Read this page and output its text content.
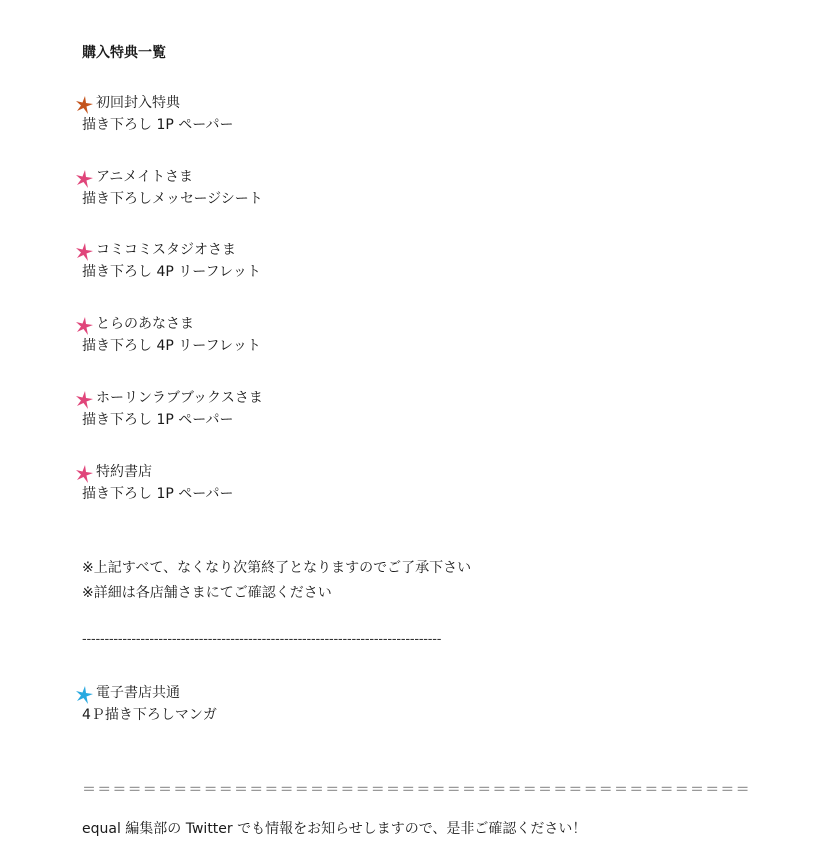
購入特典一覧
初回封入特典
描き下ろし 1P ペーパー
アニメイトさま
描き下ろしメッセージシート
コミコミスタジオさま
描き下ろし 4P リーフレット
とらのあなさま
描き下ろし 4P リーフレット
ホーリンラブブックスさま
描き下ろし 1P ペーパー
特約書店
描き下ろし 1P ペーパー
※上記すべて、なくなり次第終了となりますのでご了承下さい
※詳細は各店舗さまにてご確認ください
--------------------------------------------------------------------------------
電子書店共通
4Ｐ描き下ろしマンガ
＝＝＝＝＝＝＝＝＝＝＝＝＝＝＝＝＝＝＝＝＝＝＝＝＝＝＝＝＝＝＝＝＝＝＝＝＝＝＝＝＝＝＝＝
equal 編集部の Twitter でも情報をお知らせしますので、是非ご確認ください！
